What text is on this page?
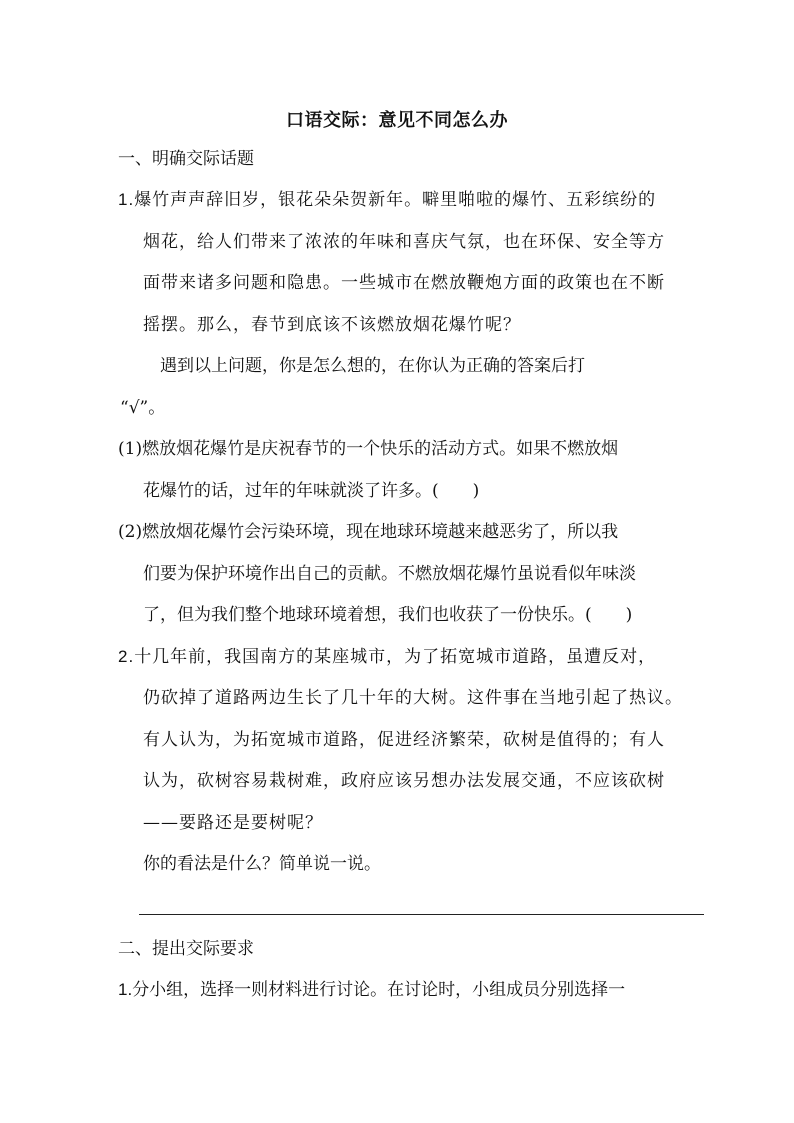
口语交际：意见不同怎么办
一、明确交际话题
1.爆竹声声辞旧岁，银花朵朵贺新年。噼里啪啦的爆竹、五彩缤纷的
烟花，给人们带来了浓浓的年味和喜庆气氛，也在环保、安全等方
面带来诸多问题和隐患。一些城市在燃放鞭炮方面的政策也在不断
摇摆。那么，春节到底该不该燃放烟花爆竹呢？
遇到以上问题，你是怎么想的，在你认为正确的答案后打
“√”。
(1)燃放烟花爆竹是庆祝春节的一个快乐的活动方式。如果不燃放烟
花爆竹的话，过年的年味就淡了许多。(　　)
(2)燃放烟花爆竹会污染环境，现在地球环境越来越恶劣了，所以我
们要为保护环境作出自己的贡献。不燃放烟花爆竹虽说看似年味淡
了，但为我们整个地球环境着想，我们也收获了一份快乐。(　　)
2.十几年前，我国南方的某座城市，为了拓宽城市道路，虽遭反对，
仍砍掉了道路两边生长了几十年的大树。这件事在当地引起了热议。
有人认为，为拓宽城市道路，促进经济繁荣，砍树是值得的；有人
认为，砍树容易栽树难，政府应该另想办法发展交通，不应该砍树
——要路还是要树呢？
你的看法是什么？简单说一说。
二、提出交际要求
1.分小组，选择一则材料进行讨论。在讨论时，小组成员分别选择一
